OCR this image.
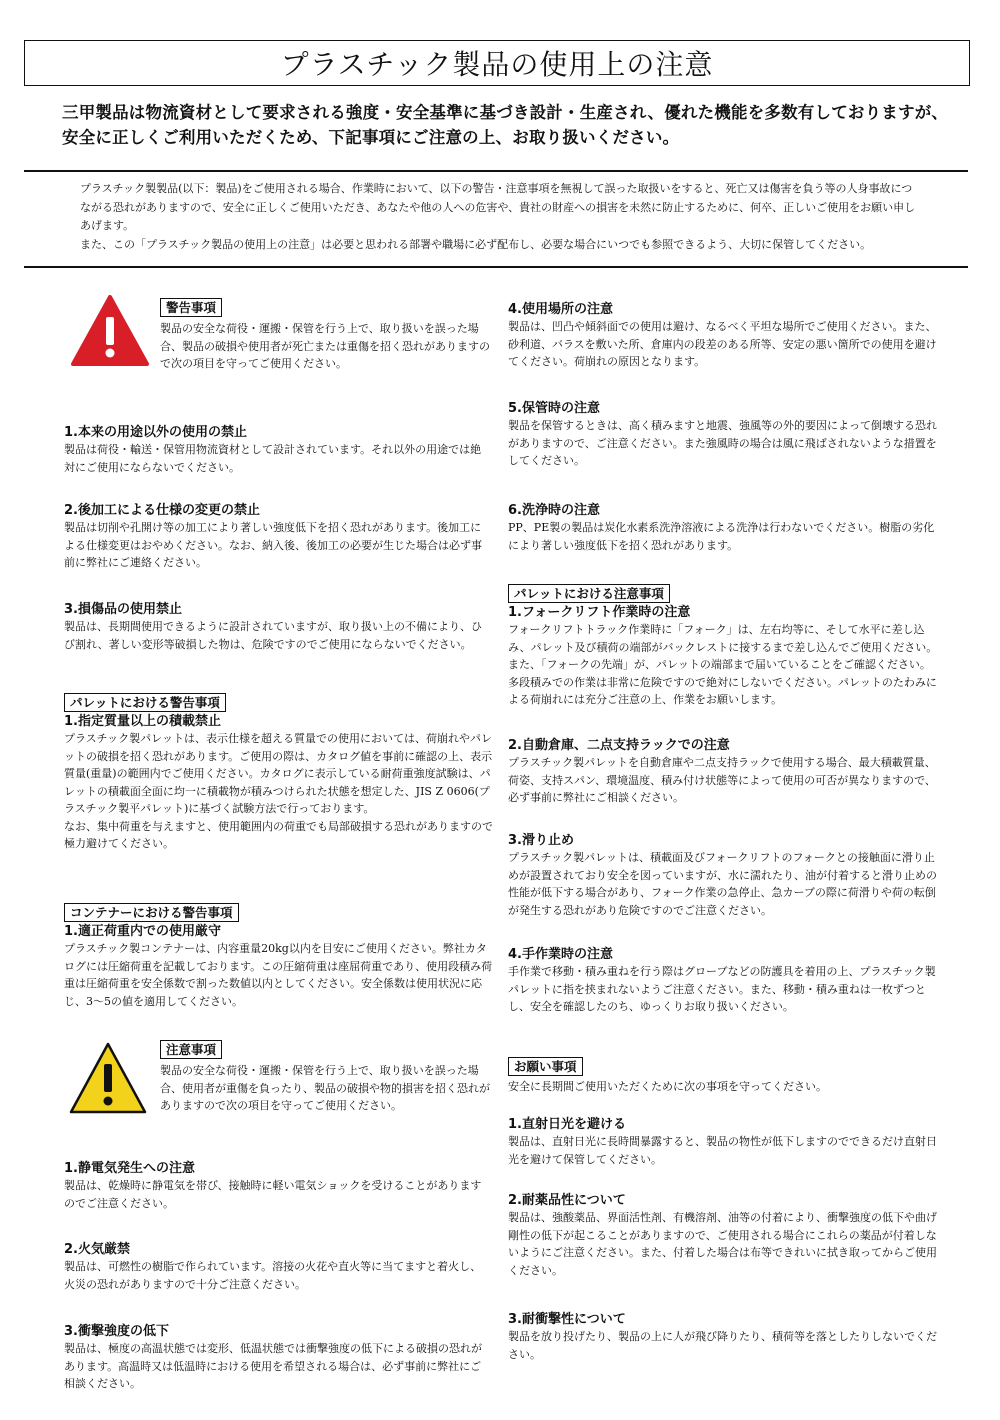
プラスチック製品の使用上の注意
三甲製品は物流資材として要求される強度・安全基準に基づき設計・生産され、優れた機能を多数有しておりますが、安全に正しくご利用いただくため、下記事項にご注意の上、お取り扱いください。

プラスチック製製品(以下：製品)をご使用される場合、作業時において、以下の警告・注意事項を無視して誤った取扱いをすると、死亡又は傷害を負う等の人身事故につながる恐れがありますので、安全に正しくご使用いただき、あなたや他の人への危害や、貴社の財産への損害を未然に防止するために、何卒、正しいご使用をお願い申しあげます。

また、この「プラスチック製品の使用上の注意」は必要と思われる部署や職場に必ず配布し、必要な場合にいつでも参照できるよう、大切に保管してください。

警告事項
製品の安全な荷役・運搬・保管を行う上で、取り扱いを誤った場合、製品の破損や使用者が死亡または重傷を招く恐れがありますので次の項目を守ってご使用ください。
1.本来の用途以外の使用の禁止
製品は荷役・輸送・保管用物流資材として設計されています。それ以外の用途では絶対にご使用にならないでください。
2.後加工による仕様の変更の禁止
製品は切削や孔開け等の加工により著しい強度低下を招く恐れがあります。後加工による仕様変更はおやめください。なお、納入後、後加工の必要が生じた場合は必ず事前に弊社にご連絡ください。
3.損傷品の使用禁止
製品は、長期間使用できるように設計されていますが、取り扱い上の不備により、ひび割れ、著しい変形等破損した物は、危険ですのでご使用にならないでください。
パレットにおける警告事項
1.指定質量以上の積載禁止
プラスチック製パレットは、表示仕様を超える質量での使用においては、荷崩れやパレットの破損を招く恐れがあります。ご使用の際は、カタログ値を事前に確認の上、表示質量(重量)の範囲内でご使用ください。カタログに表示している耐荷重強度試験は、パレットの積載面全面に均一に積載物が積みつけられた状態を想定した、JIS Z 0606(プラスチック製平パレット)に基づく試験方法で行っております。
なお、集中荷重を与えますと、使用範囲内の荷重でも局部破損する恐れがありますので極力避けてください。
コンテナーにおける警告事項
1.適正荷重内での使用厳守
プラスチック製コンテナーは、内容重量20kg以内を目安にご使用ください。弊社カタログには圧縮荷重を記載しております。この圧縮荷重は座屈荷重であり、使用段積み荷重は圧縮荷重を安全係数で割った数値以内としてください。安全係数は使用状況に応じ、3～5の値を適用してください。
注意事項
製品の安全な荷役・運搬・保管を行う上で、取り扱いを誤った場合、使用者が重傷を負ったり、製品の破損や物的損害を招く恐れがありますので次の項目を守ってご使用ください。
1.静電気発生への注意
製品は、乾燥時に静電気を帯び、接触時に軽い電気ショックを受けることがありますのでご注意ください。
2.火気厳禁
製品は、可燃性の樹脂で作られています。溶接の火花や直火等に当てますと着火し、火災の恐れがありますので十分ご注意ください。
3.衝撃強度の低下
製品は、極度の高温状態では変形、低温状態では衝撃強度の低下による破損の恐れがあります。高温時又は低温時における使用を希望される場合は、必ず事前に弊社にご相談ください。
4.使用場所の注意
製品は、凹凸や傾斜面での使用は避け、なるべく平坦な場所でご使用ください。また、砂利道、バラスを敷いた所、倉庫内の段差のある所等、安定の悪い箇所での使用を避けてください。荷崩れの原因となります。
5.保管時の注意
製品を保管するときは、高く積みますと地震、強風等の外的要因によって倒壊する恐れがありますので、ご注意ください。また強風時の場合は風に飛ばされないような措置をしてください。
6.洗浄時の注意
PP、PE製の製品は炭化水素系洗浄溶液による洗浄は行わないでください。樹脂の劣化により著しい強度低下を招く恐れがあります。
パレットにおける注意事項
1.フォークリフト作業時の注意
フォークリフトトラック作業時に「フォーク」は、左右均等に、そして水平に差し込み、パレット及び積荷の端部がバックレストに接するまで差し込んでご使用ください。また、「フォークの先端」が、パレットの端部まで届いていることをご確認ください。多段積みでの作業は非常に危険ですので絶対にしないでください。パレットのたわみによる荷崩れには充分ご注意の上、作業をお願いします。
2.自動倉庫、二点支持ラックでの注意
プラスチック製パレットを自動倉庫や二点支持ラックで使用する場合、最大積載質量、荷姿、支持スパン、環境温度、積み付け状態等によって使用の可否が異なりますので、必ず事前に弊社にご相談ください。
3.滑り止め
プラスチック製パレットは、積載面及びフォークリフトのフォークとの接触面に滑り止めが設置されており安全を図っていますが、水に濡れたり、油が付着すると滑り止めの性能が低下する場合があり、フォーク作業の急停止、急カーブの際に荷滑りや荷の転倒が発生する恐れがあり危険ですのでご注意ください。
4.手作業時の注意
手作業で移動・積み重ねを行う際はグローブなどの防護具を着用の上、プラスチック製パレットに指を挟まれないようご注意ください。また、移動・積み重ねは一枚ずつとし、安全を確認したのち、ゆっくりお取り扱いください。
お願い事項
安全に長期間ご使用いただくために次の事項を守ってください。
1.直射日光を避ける
製品は、直射日光に長時間暴露すると、製品の物性が低下しますのでできるだけ直射日光を避けて保管してください。
2.耐薬品性について
製品は、強酸薬品、界面活性剤、有機溶剤、油等の付着により、衝撃強度の低下や曲げ剛性の低下が起こることがありますので、ご使用される場合にこれらの薬品が付着しないようにご注意ください。また、付着した場合は布等できれいに拭き取ってからご使用ください。
3.耐衝撃性について
製品を放り投げたり、製品の上に人が飛び降りたり、積荷等を落としたりしないでください。
